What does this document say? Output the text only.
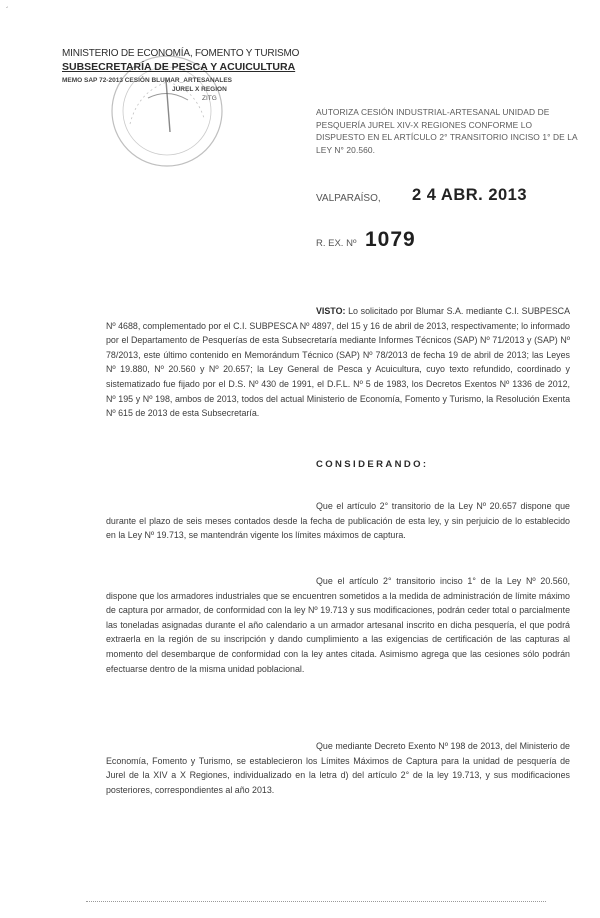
´
MINISTERIO DE ECONOMÍA, FOMENTO Y TURISMO
SUBSECRETARÍA DE PESCA Y ACUICULTURA
MEMO SAP 72-2013 CESIÓN BLUMAR_ARTESANALES
JUREL X REGION
ZITG
AUTORIZA CESIÓN INDUSTRIAL-ARTESANAL UNIDAD DE PESQUERÍA JUREL XIV-X REGIONES CONFORME LO DISPUESTO EN EL ARTÍCULO 2° TRANSITORIO INCISO 1° DE LA LEY N° 20.560.
VALPARAÍSO, 2 4 ABR. 2013
R. EX. Nº 1079

VISTO: Lo solicitado por Blumar S.A. mediante C.I. SUBPESCA Nº 4688, complementado por el C.I. SUBPESCA Nº 4897, del 15 y 16 de abril de 2013, respectivamente; lo informado por el Departamento de Pesquerías de esta Subsecretaría mediante Informes Técnicos (SAP) Nº 71/2013 y (SAP) Nº 78/2013, este último contenido en Memorándum Técnico (SAP) Nº 78/2013 de fecha 19 de abril de 2013; las Leyes Nº 19.880, Nº 20.560 y Nº 20.657; la Ley General de Pesca y Acuicultura, cuyo texto refundido, coordinado y sistematizado fue fijado por el D.S. Nº 430 de 1991, el D.F.L. Nº 5 de 1983, los Decretos Exentos Nº 1336 de 2012, Nº 195 y Nº 198, ambos de 2013, todos del actual Ministerio de Economía, Fomento y Turismo, la Resolución Exenta Nº 615 de 2013 de esta Subsecretaría.

CONSIDERANDO:

Que el artículo 2° transitorio de la Ley Nº 20.657 dispone que durante el plazo de seis meses contados desde la fecha de publicación de esta ley, y sin perjuicio de lo establecido en la Ley Nº 19.713, se mantendrán vigente los límites máximos de captura.

Que el artículo 2° transitorio inciso 1° de la Ley Nº 20.560, dispone que los armadores industriales que se encuentren sometidos a la medida de administración de límite máximo de captura por armador, de conformidad con la ley Nº 19.713 y sus modificaciones, podrán ceder total o parcialmente las toneladas asignadas durante el año calendario a un armador artesanal inscrito en dicha pesquería, el que podrá extraerla en la región de su inscripción y dando cumplimiento a las exigencias de certificación de las capturas al momento del desembarque de conformidad con la ley antes citada. Asimismo agrega que las cesiones sólo podrán efectuarse dentro de la misma unidad poblacional.

Que mediante Decreto Exento Nº 198 de 2013, del Ministerio de Economía, Fomento y Turismo, se establecieron los Límites Máximos de Captura para la unidad de pesquería de Jurel de la XIV a X Regiones, individualizado en la letra d) del artículo 2° de la ley 19.713, y sus modificaciones posteriores, correspondientes al año 2013.
